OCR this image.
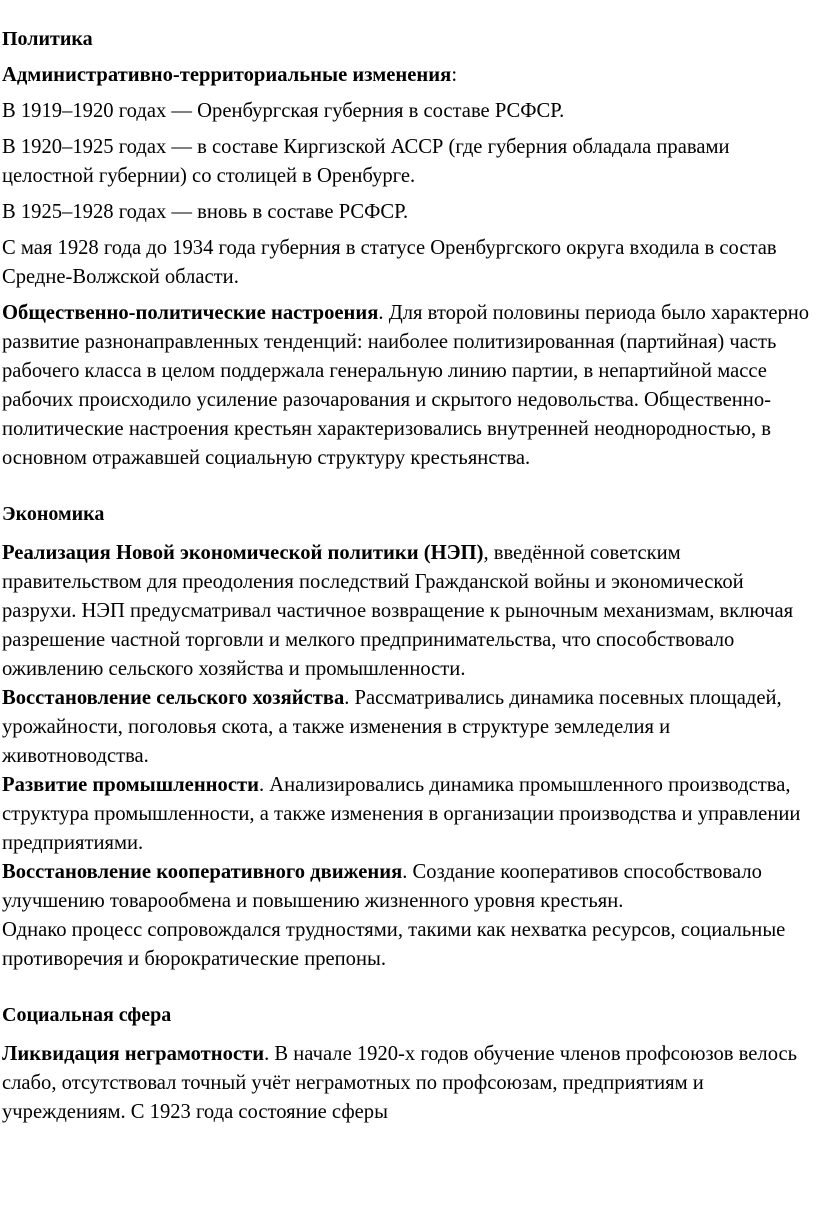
Политика

Административно-территориальные изменения:

В 1919–1920 годах — Оренбургская губерния в составе РСФСР.

В 1920–1925 годах — в составе Киргизской АССР (где губерния обладала правами целостной губернии) со столицей в Оренбурге.

В 1925–1928 годах — вновь в составе РСФСР.

С мая 1928 года до 1934 года губерния в статусе Оренбургского округа входила в состав Средне-Волжской области.

Общественно-политические настроения. Для второй половины периода было характерно развитие разнонаправленных тенденций: наиболее политизированная (партийная) часть рабочего класса в целом поддержала генеральную линию партии, в непартийной массе рабочих происходило усиление разочарования и скрытого недовольства. Общественно-политические настроения крестьян характеризовались внутренней неоднородностью, в основном отражавшей социальную структуру крестьянства.

Экономика

Реализация Новой экономической политики (НЭП), введённой советским правительством для преодоления последствий Гражданской войны и экономической разрухи. НЭП предусматривал частичное возвращение к рыночным механизмам, включая разрешение частной торговли и мелкого предпринимательства, что способствовало оживлению сельского хозяйства и промышленности.

Восстановление сельского хозяйства. Рассматривались динамика посевных площадей, урожайности, поголовья скота, а также изменения в структуре земледелия и животноводства.

Развитие промышленности. Анализировались динамика промышленного производства, структура промышленности, а также изменения в организации производства и управлении предприятиями.

Восстановление кооперативного движения. Создание кооперативов способствовало улучшению товарообмена и повышению жизненного уровня крестьян.

Однако процесс сопровождался трудностями, такими как нехватка ресурсов, социальные противоречия и бюрократические препоны.

Социальная сфера

Ликвидация неграмотности. В начале 1920-х годов обучение членов профсоюзов велось слабо, отсутствовал точный учёт неграмотных по профсоюзам, предприятиям и учреждениям. С 1923 года состояние сферы
